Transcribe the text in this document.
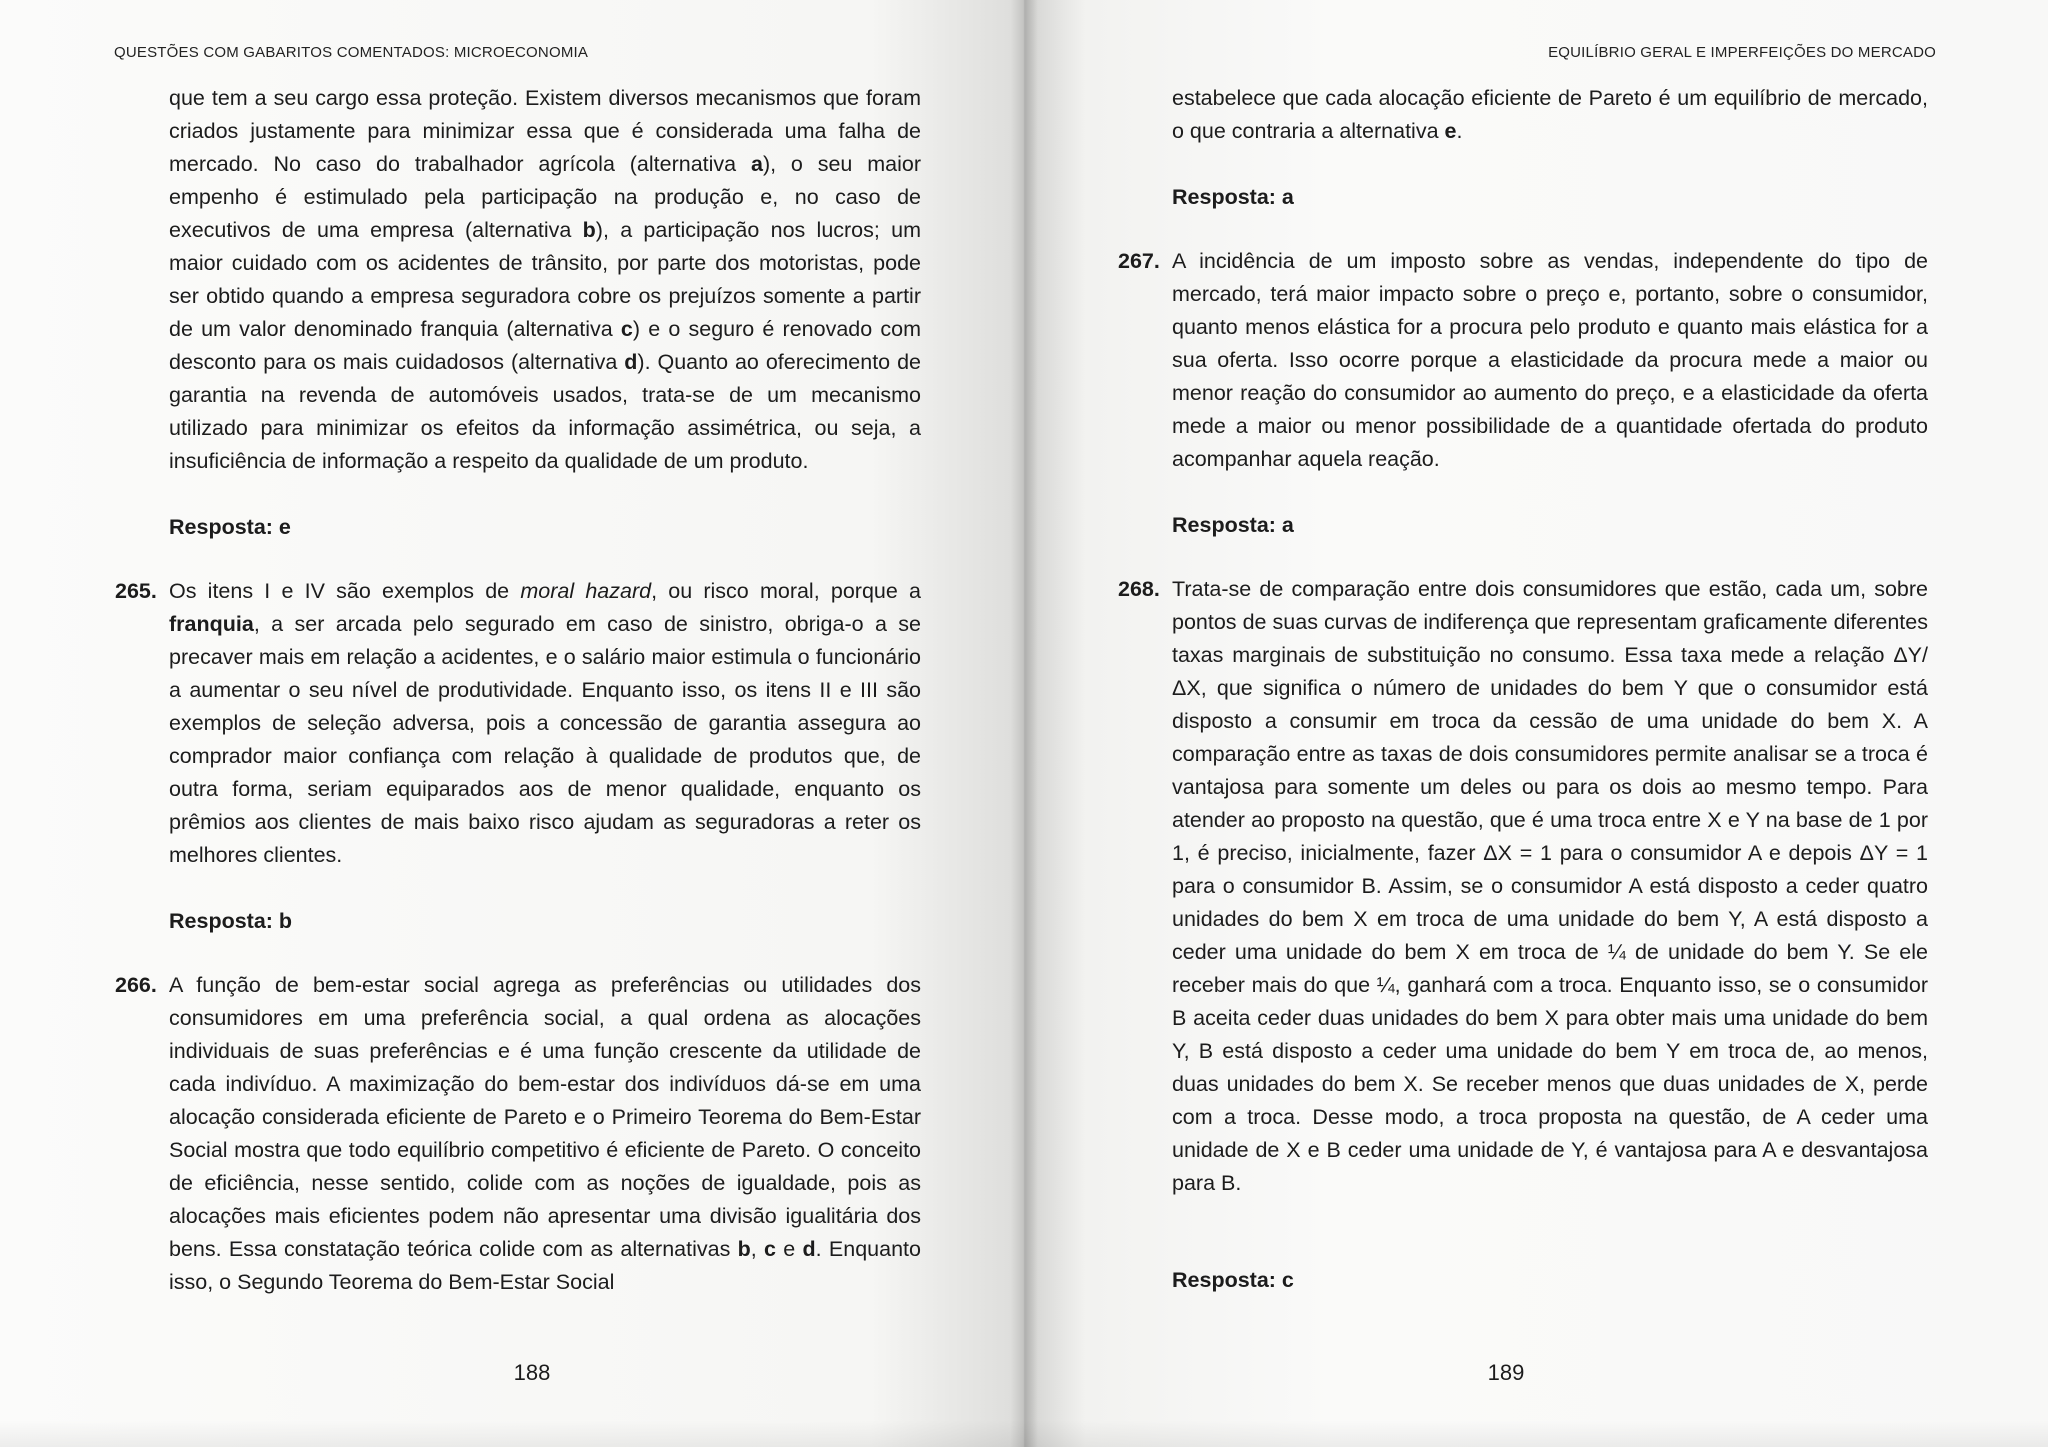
QUESTÕES COM GABARITOS COMENTADOS: MICROECONOMIA

que tem a seu cargo essa proteção. Existem diversos mecanismos que foram criados justamente para minimizar essa que é considerada uma falha de mercado. No caso do trabalhador agrícola (alternativa a), o seu maior empenho é estimulado pela participação na produção e, no caso de executivos de uma empresa (alternativa b), a participação nos lucros; um maior cuidado com os acidentes de trânsito, por parte dos motoristas, pode ser obtido quando a empresa seguradora cobre os prejuízos somente a partir de um valor denominado franquia (alternativa c) e o seguro é renovado com desconto para os mais cuidadosos (alternativa d). Quanto ao oferecimento de garantia na revenda de automóveis usados, trata-se de um mecanismo utilizado para minimizar os efeitos da informação assimétrica, ou seja, a insuficiência de informação a respeito da qualidade de um produto.

Resposta: e

265. Os itens I e IV são exemplos de moral hazard, ou risco moral, porque a franquia, a ser arcada pelo segurado em caso de sinistro, obriga-o a se precaver mais em relação a acidentes, e o salário maior estimula o funcionário a aumentar o seu nível de produtividade. Enquanto isso, os itens II e III são exemplos de seleção adversa, pois a concessão de garantia assegura ao comprador maior confiança com relação à qualidade de produtos que, de outra forma, seriam equiparados aos de menor qualidade, enquanto os prêmios aos clientes de mais baixo risco ajudam as seguradoras a reter os melhores clientes.

Resposta: b

266. A função de bem-estar social agrega as preferências ou utilidades dos consumidores em uma preferência social, a qual ordena as alocações individuais de suas preferências e é uma função crescente da utilidade de cada indivíduo. A maximização do bem-estar dos indivíduos dá-se em uma alocação considerada eficiente de Pareto e o Primeiro Teorema do Bem-Estar Social mostra que todo equilíbrio competitivo é eficiente de Pareto. O conceito de eficiência, nesse sentido, colide com as noções de igualdade, pois as alocações mais eficientes podem não apresentar uma divisão igualitária dos bens. Essa constatação teórica colide com as alternativas b, c e d. Enquanto isso, o Segundo Teorema do Bem-Estar Social

188
EQUILÍBRIO GERAL E IMPERFEIÇÕES DO MERCADO

estabelece que cada alocação eficiente de Pareto é um equilíbrio de mercado, o que contraria a alternativa e.

Resposta: a

267. A incidência de um imposto sobre as vendas, independente do tipo de mercado, terá maior impacto sobre o preço e, portanto, sobre o consumidor, quanto menos elástica for a procura pelo produto e quanto mais elástica for a sua oferta. Isso ocorre porque a elasticidade da procura mede a maior ou menor reação do consumidor ao aumento do preço, e a elasticidade da oferta mede a maior ou menor possibilidade de a quantidade ofertada do produto acompanhar aquela reação.

Resposta: a

268. Trata-se de comparação entre dois consumidores que estão, cada um, sobre pontos de suas curvas de indiferença que representam graficamente diferentes taxas marginais de substituição no consumo. Essa taxa mede a relação ΔY/ΔX, que significa o número de unidades do bem Y que o consumidor está disposto a consumir em troca da cessão de uma unidade do bem X. A comparação entre as taxas de dois consumidores permite analisar se a troca é vantajosa para somente um deles ou para os dois ao mesmo tempo. Para atender ao proposto na questão, que é uma troca entre X e Y na base de 1 por 1, é preciso, inicialmente, fazer ΔX = 1 para o consumidor A e depois ΔY = 1 para o consumidor B. Assim, se o consumidor A está disposto a ceder quatro unidades do bem X em troca de uma unidade do bem Y, A está disposto a ceder uma unidade do bem X em troca de ¼ de unidade do bem Y. Se ele receber mais do que ¼, ganhará com a troca. Enquanto isso, se o consumidor B aceita ceder duas unidades do bem X para obter mais uma unidade do bem Y, B está disposto a ceder uma unidade do bem Y em troca de, ao menos, duas unidades do bem X. Se receber menos que duas unidades de X, perde com a troca. Desse modo, a troca proposta na questão, de A ceder uma unidade de X e B ceder uma unidade de Y, é vantajosa para A e desvantajosa para B.

Resposta: c

189
